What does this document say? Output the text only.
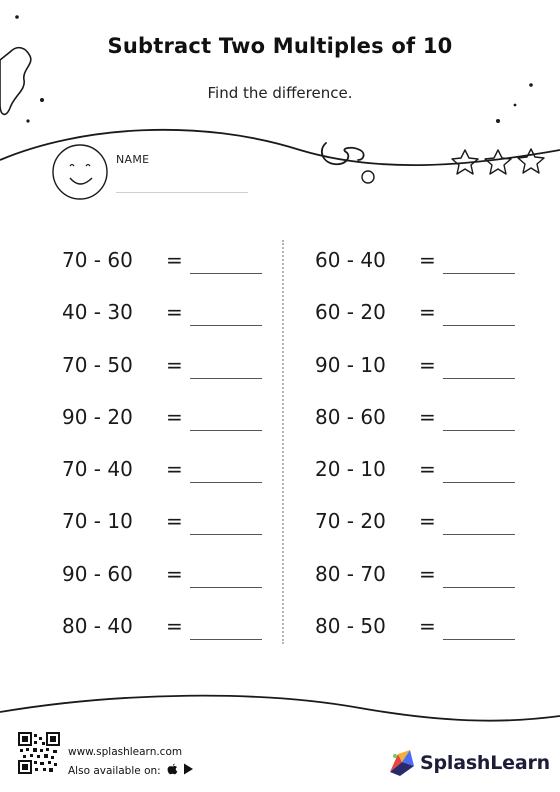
Subtract Two Multiples of 10
Find the difference.
NAME
70 - 60 =
40 - 30 =
70 - 50 =
90 - 20 =
70 - 40 =
70 - 10 =
90 - 60 =
80 - 40 =
60 - 40 =
60 - 20 =
90 - 10 =
80 - 60 =
20 - 10 =
70 - 20 =
80 - 70 =
80 - 50 =
www.splashlearn.com
Also available on:	SplashLearn
